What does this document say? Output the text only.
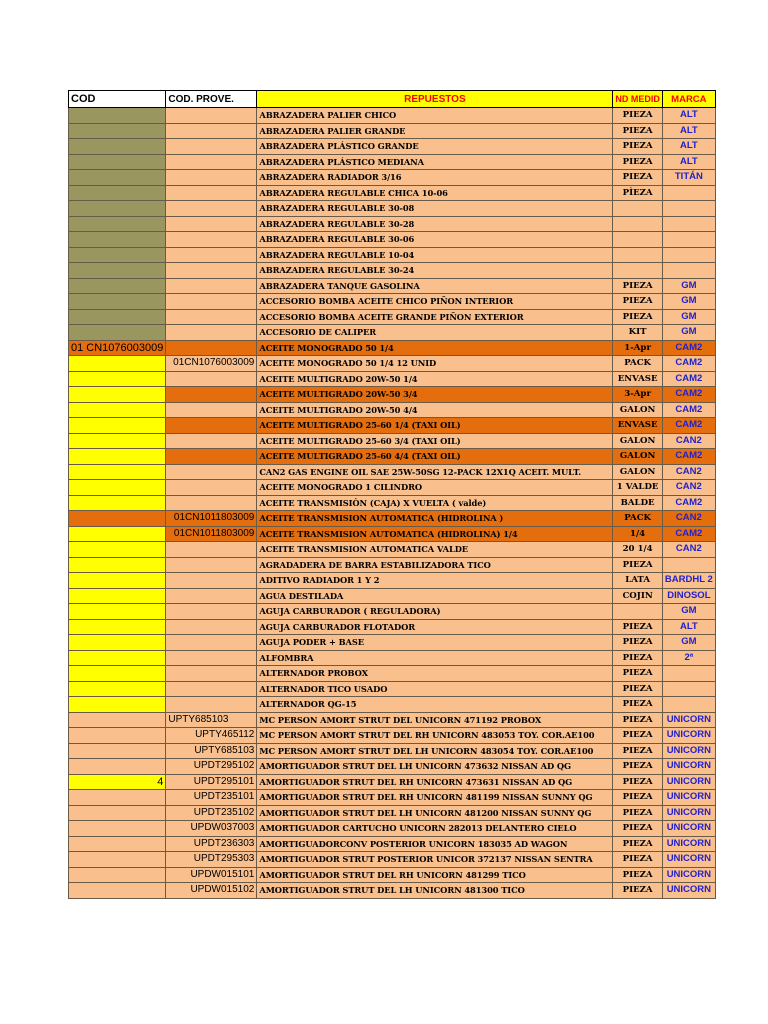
COD	COD. PROVE.	REPUESTOS	ND MEDID	MARCA
		ABRAZADERA PALIER CHICO	PIEZA	ALT
		ABRAZADERA PALIER GRANDE	PIEZA	ALT
		ABRAZADERA PLÁSTICO GRANDE	PIEZA	ALT
		ABRAZADERA PLÁSTICO MEDIANA	PIEZA	ALT
		ABRAZADERA RADIADOR 3/16	PIEZA	TITÁN
		ABRAZADERA REGULABLE CHICA 10-06	PÌEZA	
		ABRAZADERA REGULABLE 30-08		
		ABRAZADERA REGULABLE 30-28		
		ABRAZADERA REGULABLE 30-06		
		ABRAZADERA REGULABLE 10-04		
		ABRAZADERA REGULABLE 30-24		
		ABRAZADERA TANQUE GASOLINA	PIEZA	GM
		ACCESORIO BOMBA ACEITE CHICO PIÑON INTERIOR	PIEZA	GM
		ACCESORIO BOMBA ACEITE GRANDE PIÑON EXTERIOR	PIEZA	GM
		ACCESORIO DE CALIPER	KIT	GM
01 CN1076003009		ACEITE MONOGRADO 50 1/4	1-Apr	CAM2
	01CN1076003009	ACEITE MONOGRADO 50 1/4 12 UNID	PACK	CAM2
		ACEITE MULTIGRADO 20W-50 1/4	ENVASE	CAM2
		ACEITE MULTIGRADO 20W-50 3/4	3-Apr	CAM2
		ACEITE MULTIGRADO 20W-50 4/4	GALON	CAM2
		ACEITE MULTIGRADO 25-60 1/4 (TAXI OIL)	ENVASE	CAM2
		ACEITE MULTIGRADO 25-60 3/4 (TAXI OIL)	GALON	CAN2
		ACEITE MULTIGRADO 25-60 4/4 (TAXI OIL)	GALON	CAM2
		CAN2 GAS ENGINE OIL SAE 25W-50SG 12-PACK 12X1Q ACEIT. MULT.	GALON	CAN2
		ACEITE MONOGRADO 1 CILINDRO	1 VALDE	CAN2
		ACEITE TRANSMISIÒN (CAJA) X VUELTA ( valde)	BALDE	CAM2
	01CN1011803009	ACEITE TRANSMISION AUTOMATICA (HIDROLINA )	PACK	CAN2
	01CN1011803009	ACEITE TRANSMISION AUTOMATICA (HIDROLINA) 1/4	1/4	CAM2
		ACEITE TRANSMISION AUTOMATICA VALDE	20 1/4	CAN2
		AGRADADERA DE BARRA ESTABILIZADORA TICO	PIEZA	
		ADITIVO RADIADOR 1 Y 2	LATA	BARDHL 2
		AGUA DESTILADA	COJIN	DINOSOL
		AGUJA CARBURADOR ( REGULADORA)		GM
		AGUJA CARBURADOR FLOTADOR	PIEZA	ALT
		AGUJA PODER + BASE	PIEZA	GM
		ALFOMBRA	PIEZA	2ª
		ALTERNADOR PROBOX	PIEZA	
		ALTERNADOR TICO USADO	PIEZA	
		ALTERNADOR QG-15	PIEZA	
	UPTY685103	MC PERSON AMORT STRUT DEL UNICORN 471192 PROBOX	PIEZA	UNICORN
	UPTY465112	MC PERSON AMORT STRUT DEL RH UNICORN 483053 TOY. COR.AE100	PIEZA	UNICORN
	UPTY685103	MC PERSON AMORT STRUT DEL LH UNICORN 483054 TOY. COR.AE100	PIEZA	UNICORN
	UPDT295102	AMORTIGUADOR STRUT DEL LH UNICORN 473632 NISSAN AD QG	PIEZA	UNICORN
4	UPDT295101	AMORTIGUADOR STRUT DEL RH UNICORN 473631 NISSAN AD QG	PIEZA	UNICORN
	UPDT235101	AMORTIGUADOR STRUT DEL RH UNICORN 481199 NISSAN SUNNY QG	PIEZA	UNICORN
	UPDT235102	AMORTIGUADOR STRUT DEL LH UNICORN 481200 NISSAN SUNNY QG	PIEZA	UNICORN
	UPDW037003	AMORTIGUADOR CARTUCHO UNICORN 282013 DELANTERO CIELO	PIEZA	UNICORN
	UPDT236303	AMORTIGUADORCONV POSTERIOR UNICORN 183035 AD WAGON	PIEZA	UNICORN
	UPDT295303	AMORTIGUADOR STRUT POSTERIOR UNICOR 372137 NISSAN SENTRA	PIEZA	UNICORN
	UPDW015101	AMORTIGUADOR STRUT DEL RH UNICORN 481299 TICO	PIEZA	UNICORN
	UPDW015102	AMORTIGUADOR STRUT DEL LH UNICORN 481300 TICO	PIEZA	UNICORN
